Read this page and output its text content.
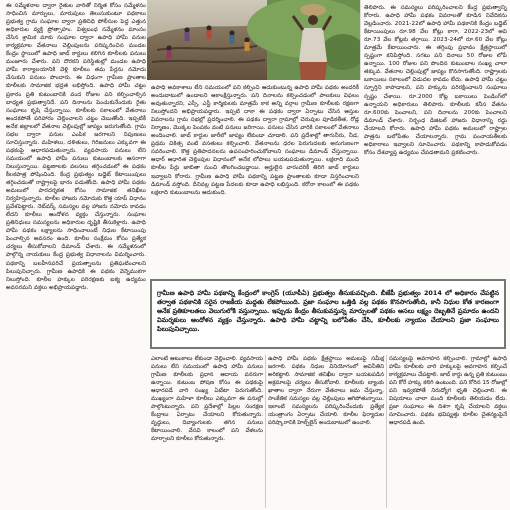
ఈ సమ్మేళనాల ద్వారా రైతుల వారితో నిర్మిత కోసం సమ్మేళనం సాధించిన మార్పులు, మారుపులు తెలుసుకుంటూ పథకాలు ప్రభుత్వ గ్రామ సంఘాల ద్వారా ప్రతినిధి పోలీసుల పెద్ద ఎత్తున అధికారుల వ్యక్తి ప్రోత్సాహం. విశ్వబంధ సమ్మేళనం మాంసం చేసిన శ్రామిక మాకు సంఘాల ద్వారా ఉపాధి హామీ పనుల కార్యక్రమాల వేతనాలు చెల్లింపులను పరిష్కరించిన మండల కేంద్రం స్థాయిలో ఉపాధి జాబ్ కార్డులు కలిగిన కూలీలకు పనులు మంజూరు చేశారు. పని దొరకని పరిస్థితుల్లో మండల ఉపాధి హామీ కార్యాలయానికి వెళ్లి కూలీలు తమ పేర్లను నమోదు చేసుకుని పనులు పొందారు. ఈ విధంగా గ్రామీణ ప్రాంతాల కూలీలకు సామాజిక భద్రత లభిస్తోంది. ఉపాధి హామీ చట్టం ప్రకారం ప్రతి కుటుంబానికి వంద రోజుల పని కల్పించాల్సిన బాధ్యత ప్రభుత్వానిదే. పని దినాలను పెంచుకునేందుకు రైతు సంఘాలు కృషి చేస్తున్నాయి. కూలీలకు సకాలంలో వేతనాలు అందకపోతే పరిహారం చెల్లించాలని చట్టం చెబుతోంది. ఇప్పటికీ అనేక జిల్లాలలో వేతనాల చెల్లింపుల్లో జాప్యం జరుగుతోంది. గ్రామ సభల ద్వారా పనుల ఎంపిక జరగాలని నిపుణులు సూచిస్తున్నారు. మహిళలు, దళితులు, గిరిజనులు ఎక్కువగా ఈ పథకంపై ఆధారపడుతున్నారు. వ్యవసాయ పనులు లేని సమయంలో ఉపాధి హామీ పనులు కుటుంబాలకు ఆసరాగా నిలుస్తున్నాయి. పట్టణాలకు వలసలు తగ్గించడంలో ఈ పథకం కీలకపాత్ర పోషించింది. కేంద్ర ప్రభుత్వం బడ్జెట్ కేటాయింపులు తగ్గించడంతో రాష్ట్రాలపై భారం పడుతోంది. ఉపాధి హామీ పథకం అమలులో పారదర్శకత కోసం సామాజిక తనిఖీలు నిర్వహిస్తున్నారు. కూలీల హాజరు నమోదుకు కొత్త యాప్ విధానం ప్రవేశపెట్టారు. నెట్‌వర్క్ సమస్యల వల్ల హాజరు నమోదు కావడం లేదని కూలీలు ఆందోళన వ్యక్తం చేస్తున్నారు. సంఘాల ప్రతినిధులు సమస్యలను అధికారుల దృష్టికి తీసుకెళ్లారు. ఉపాధి హామీ పథకం లక్ష్యాలను సాధించాలంటే నిధుల కేటాయింపు పెంచాల్సిన అవసరం ఉంది. కూలీల సంక్షేమం కోసం ప్రత్యేక చర్యలు తీసుకోవాలని డిమాండ్ చేశారు. ఈ సమ్మేళనంలో పాల్గొన్న నాయకులు కేంద్ర ప్రభుత్వ విధానాలను విమర్శించారు. పథకాన్ని బలహీనపరిచే ప్రయత్నాలను ప్రతిఘటించాలని పిలుపునిచ్చారు. గ్రామీణ ఉపాధికి ఈ పథకం వెన్నెముకగా నిలుస్తోంది. కూలీల హక్కుల పరిరక్షణకు ఐక్య ఉద్యమం అవసరమని వక్తలు అభిప్రాయపడ్డారు.

ఉపాధి అవకాశాలు లేని సమయంలో పని కల్పించి ఆదుకుంటున్న ఉపాధి హామీ పథకం అందరికీ అందుబాటులో ఉండాలని ఆకాంక్షిస్తున్నారు. పని దినాలను కల్పించడంలో పాలకులు విఫలం అవుతున్నారని, ఎస్సీ, ఎస్టీ కార్మికులకు మాత్రమే కాక అన్ని వర్గాల గ్రామీణ కూలీలకు రక్షణగా నిలుస్తోందని అభిప్రాయపడ్డారు. ఇప్పటి దాకా ఈ పథకం ద్వారా ఏర్పాటు చేసిన ఆస్తుల వివరాలను గ్రామ సభల్లో ప్రదర్శించాలి. ఈ పథకం ద్వారా గ్రామాల్లో చెరువుల పూడికతీత, రోడ్ల నిర్మాణం, మొక్కల పెంపకం వంటి పనులు జరిగాయి. పనులు చేసిన వారికి సకాలంలో వేతనాలు అందించాలి. జాబ్ కార్డుల జారీలో జాప్యం లేకుండా చూడాలి. పని ప్రదేశాల్లో తాగునీరు, నీడ, ప్రథమ చికిత్స వంటి వసతులు కల్పించాలి. వేతనాలను ధరల పెరుగుదలకు అనుగుణంగా సవరించాలి. కొత్త ప్రతిపాదనలను ఉపసంహరించుకోవాలని సంఘాలు డిమాండ్ చేస్తున్నాయి. ఆధార్ ఆధారిత చెల్లింపుల విధానంలో అనేక లోపాలు బయటపడుతున్నాయి. లక్షలాది మంది కూలీల పేర్లు జాబితా నుంచి తొలగించబడ్డాయి. అర్హులైన వారందరికీ తిరిగి జాబ్ కార్డులు ఇవ్వాలని కోరారు. గ్రామీణ ఉపాధి హామీ పథకాన్ని పట్టణ ప్రాంతాలకు కూడా విస్తరించాలని డిమాండ్ వస్తోంది. దీనివల్ల పట్టణ పేదలకు కూడా ఉపాధి లభిస్తుంది. కరోనా కాలంలో ఈ పథకం లక్షలాది కుటుంబాలను ఆదుకుంది.

తెలిపారు. ఈ సమస్యలు పరిష్కరించాలని కేంద్ర ప్రభుత్వాన్ని కోరారు. ఉపాధి హామీ పథకం వివరాలతో కూడిన నివేదికను వెల్లడించారు. 2021-22లో ఉపాధి హామీ పథకానికి కేంద్రం బడ్జెట్ కేటాయింపులు రూ.98 వేల కోట్లు కాగా, 2022-23లో అవి రూ.73 వేల కోట్లకు తగ్గాయి. 2023-24లో రూ.60 వేల కోట్లు మాత్రమే కేటాయించారు. ఈ తగ్గింపు ప్రభావం క్షేత్రస్థాయిలో స్పష్టంగా కనిపిస్తోంది. సగటు పని దినాలు 50 రోజుల లోపే ఉన్నాయి. 100 రోజుల పని పొందిన కుటుంబాల సంఖ్య చాలా తక్కువ. వేతనాల చెల్లింపుల్లో జాప్యం కొనసాగుతోంది. రాష్ట్రాలకు బకాయిలు సకాలంలో విడుదల కావడం లేదు. ఉపాధి హామీ చట్టం స్ఫూర్తిని కాపాడాలని, పని హక్కును పరిరక్షించాలని సంఘాలు స్పష్టం చేశాయి. రూ.2000 కోట్ల బకాయిలు పెండింగ్‌లో ఉన్నాయని అధికారులు తెలిపారు. కూలీలకు కనీస వేతనం రూ.600కు పెంచాలని, పని దినాలను 200కు పెంచాలని డిమాండ్ చేశారు. నిర్బంధ డిజిటల్ హాజరు విధానాన్ని రద్దు చేయాలని కోరారు. ఉపాధి హామీ పథకం అమలులో రాష్ట్రాల పాత్రను బలోపేతం చేయాలన్నారు. గ్రామ పంచాయతీలకు అధికారాలు ఇవ్వాలని సూచించారు. పథకాన్ని కాపాడుకోవడం కోసం దేశవ్యాప్త ఉద్యమం చేపడతామని ప్రకటించారు.

గ్రామీణ ఉపాధి హామీ పథకాన్ని కేంద్రంలో కాంగ్రెస్ (యూపీఏ) ప్రభుత్వం తీసుకువచ్చింది. బీజేపీ ప్రభుత్వం 2014 లో అధికారం చేపట్టిన తర్వాత పథకానికి సరైన రాజకీయ మద్దతు లేకపోయింది. ప్రజా సంఘాల ఒత్తిడి వల్ల పథకం కొనసాగుతోంది, కానీ నిధుల కోత కారణంగా అనేక ప్రతికూలతలు వెలుగులోకి వస్తున్నాయి. ఇప్పుడు కేంద్రం తీసుకువస్తున్న మార్పులతో పథకం అసలు లక్ష్యం దెబ్బతినే ప్రమాదం ఉందని విమర్శకులు ఆందోళన వ్యక్తం చేస్తున్నారు. ఉపాధి హామీ చట్టాన్ని బలోపేతం చేసి, కూలీలకు న్యాయం చేయాలని ప్రజా సంఘాలు పిలుపునిచ్చాయి.

ఎలాంటి ఆటంకాలు లేకుండా చెల్లించాలి. వ్యవసాయ పనులు లేని సమయంలో ఉపాధి హామీ పనులు గ్రామీణ కూలీలకు ప్రధాన ఆదాయ వనరుగా ఉన్నాయి. కుటుంబ పోషణ కోసం ఈ పథకంపై ఆధారపడే వారి సంఖ్య ఏటేటా పెరుగుతోంది. ముఖ్యంగా మహిళా కూలీలు ఎక్కువగా ఈ పనుల్లో పాల్గొంటున్నారు. పని ప్రదేశాల్లో పిల్లల సంరక్షణ కేంద్రాలు ఏర్పాటు చేయాలని కోరుతున్నారు. వృద్ధులు, దివ్యాంగులకు తగిన పనులు కేటాయించాలి. వేసవి కాలంలో పని వేళలను మార్చాలని కూలీలు కోరుతున్నారు.

ఉపాధి హామీ పథకం క్షేత్రస్థాయి అమలుపై సమీక్ష జరగాలి. పథకం నిధుల వినియోగంలో అవినీతిని అరికట్టాలి. సామాజిక తనిఖీల ద్వారా బయటపడిన అక్రమాలపై చర్యలు తీసుకోవాలి. కూలీలకు బ్యాంకు ఖాతాల ద్వారా నేరుగా వేతనాలు జమ చేస్తున్నా, సాంకేతిక సమస్యల వల్ల చెల్లింపులు ఆగిపోతున్నాయి. ఇలాంటి సమస్యలను పరిష్కరించేందుకు ప్రత్యేక యంత్రాంగం ఏర్పాటు చేయాలి. కూలీల ఫిర్యాదుల పరిష్కారానికి హెల్ప్‌లైన్ అందుబాటులో ఉంచాలి.

సమస్యలపై అవగాహన కల్పించాలి. గ్రామాల్లో ఉపాధి హామీ కూలీలకు వారి హక్కులపై అవగాహన కల్పించే కార్యక్రమాలు చేపట్టాలి. జాబ్ కార్డు ఉన్న ప్రతి కుటుంబం పని కోరే హక్కు కలిగి ఉంటుంది. పని కోరిన 15 రోజుల్లో పని ఇవ్వకపోతే నిరుద్యోగ భృతి చెల్లించాలి. ఈ విషయాలు చాలా మంది కూలీలకు తెలియడం లేదు. ప్రజా సంఘాలు ఈ దిశగా కృషి చేయాలని వక్తలు సూచించారు. పథకం భవిష్యత్తు కూలీల చైతన్యంపైనే ఆధారపడి ఉంది.
